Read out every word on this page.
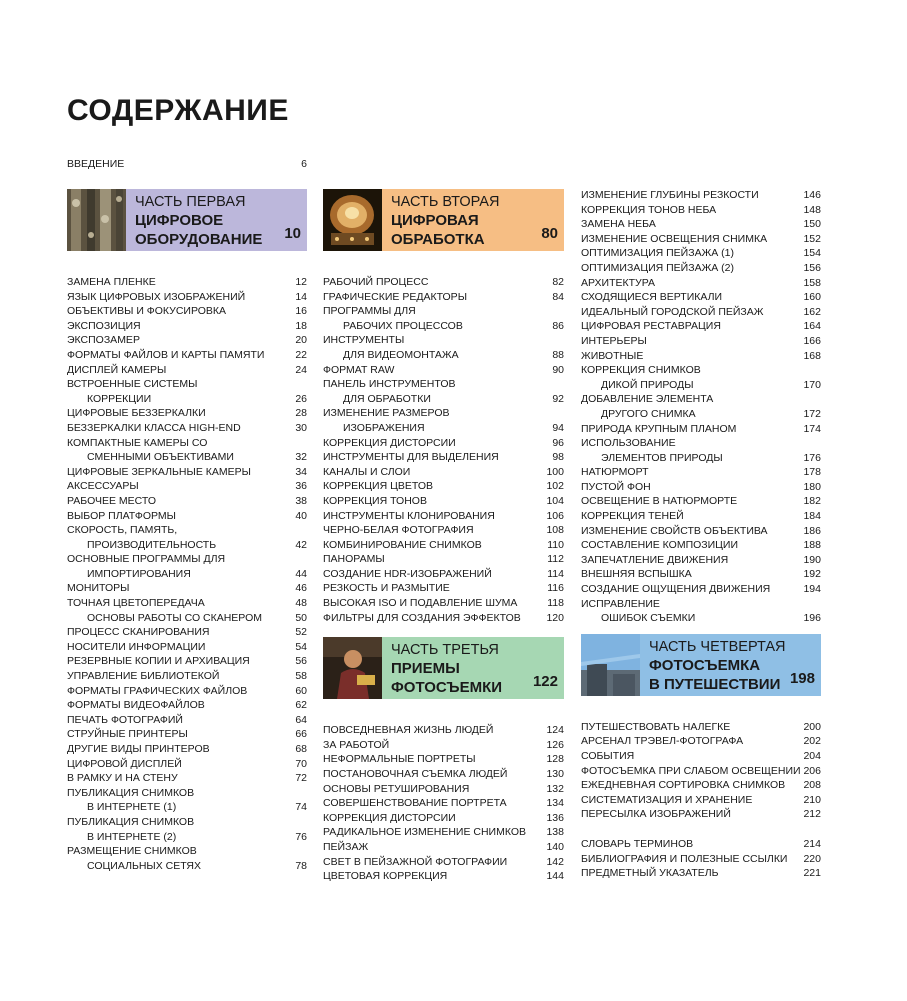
СОДЕРЖАНИЕ
ВВЕДЕНИЕ	6
ЧАСТЬ ПЕРВАЯ
ЦИФРОВОЕ
ОБОРУДОВАНИЕ	10
ЗАМЕНА ПЛЕНКЕ	12
ЯЗЫК ЦИФРОВЫХ ИЗОБРАЖЕНИЙ	14
ОБЪЕКТИВЫ И ФОКУСИРОВКА	16
ЭКСПОЗИЦИЯ	18
ЭКСПОЗАМЕР	20
ФОРМАТЫ ФАЙЛОВ И КАРТЫ ПАМЯТИ	22
ДИСПЛЕЙ КАМЕРЫ	24
ВСТРОЕННЫЕ СИСТЕМЫ
КОРРЕКЦИИ	26
ЦИФРОВЫЕ БЕЗЗЕРКАЛКИ	28
БЕЗЗЕРКАЛКИ КЛАССА HIGH-END	30
КОМПАКТНЫЕ КАМЕРЫ СО
СМЕННЫМИ ОБЪЕКТИВАМИ	32
ЦИФРОВЫЕ ЗЕРКАЛЬНЫЕ КАМЕРЫ	34
АКСЕССУАРЫ	36
РАБОЧЕЕ МЕСТО	38
ВЫБОР ПЛАТФОРМЫ	40
СКОРОСТЬ, ПАМЯТЬ,
ПРОИЗВОДИТЕЛЬНОСТЬ	42
ОСНОВНЫЕ ПРОГРАММЫ ДЛЯ
ИМПОРТИРОВАНИЯ	44
МОНИТОРЫ	46
ТОЧНАЯ ЦВЕТОПЕРЕДАЧА	48
ОСНОВЫ РАБОТЫ СО СКАНЕРОМ	50
ПРОЦЕСС СКАНИРОВАНИЯ	52
НОСИТЕЛИ ИНФОРМАЦИИ	54
РЕЗЕРВНЫЕ КОПИИ И АРХИВАЦИЯ	56
УПРАВЛЕНИЕ БИБЛИОТЕКОЙ	58
ФОРМАТЫ ГРАФИЧЕСКИХ ФАЙЛОВ	60
ФОРМАТЫ ВИДЕОФАЙЛОВ	62
ПЕЧАТЬ ФОТОГРАФИЙ	64
СТРУЙНЫЕ ПРИНТЕРЫ	66
ДРУГИЕ ВИДЫ ПРИНТЕРОВ	68
ЦИФРОВОЙ ДИСПЛЕЙ	70
В РАМКУ И НА СТЕНУ	72
ПУБЛИКАЦИЯ СНИМКОВ
В ИНТЕРНЕТЕ (1)	74
ПУБЛИКАЦИЯ СНИМКОВ
В ИНТЕРНЕТЕ (2)	76
РАЗМЕЩЕНИЕ СНИМКОВ
СОЦИАЛЬНЫХ СЕТЯХ	78
ЧАСТЬ ВТОРАЯ
ЦИФРОВАЯ
ОБРАБОТКА	80
РАБОЧИЙ ПРОЦЕСС	82
ГРАФИЧЕСКИЕ РЕДАКТОРЫ	84
ПРОГРАММЫ ДЛЯ
РАБОЧИХ ПРОЦЕССОВ	86
ИНСТРУМЕНТЫ
ДЛЯ ВИДЕОМОНТАЖА	88
ФОРМАТ RAW	90
ПАНЕЛЬ ИНСТРУМЕНТОВ
ДЛЯ ОБРАБОТКИ	92
ИЗМЕНЕНИЕ РАЗМЕРОВ
ИЗОБРАЖЕНИЯ	94
КОРРЕКЦИЯ ДИСТОРСИИ	96
ИНСТРУМЕНТЫ ДЛЯ ВЫДЕЛЕНИЯ	98
КАНАЛЫ И СЛОИ	100
КОРРЕКЦИЯ ЦВЕТОВ	102
КОРРЕКЦИЯ ТОНОВ	104
ИНСТРУМЕНТЫ КЛОНИРОВАНИЯ	106
ЧЕРНО-БЕЛАЯ ФОТОГРАФИЯ	108
КОМБИНИРОВАНИЕ СНИМКОВ	110
ПАНОРАМЫ	112
СОЗДАНИЕ HDR-ИЗОБРАЖЕНИЙ	114
РЕЗКОСТЬ И РАЗМЫТИЕ	116
ВЫСОКАЯ ISO И ПОДАВЛЕНИЕ ШУМА	118
ФИЛЬТРЫ ДЛЯ СОЗДАНИЯ ЭФФЕКТОВ 120
ЧАСТЬ ТРЕТЬЯ
ПРИЕМЫ
ФОТОСЪЕМКИ	122
ПОВСЕДНЕВНАЯ ЖИЗНЬ ЛЮДЕЙ	124
ЗА РАБОТОЙ	126
НЕФОРМАЛЬНЫЕ ПОРТРЕТЫ	128
ПОСТАНОВОЧНАЯ СЪЕМКА ЛЮДЕЙ	130
ОСНОВЫ РЕТУШИРОВАНИЯ	132
СОВЕРШЕНСТВОВАНИЕ ПОРТРЕТА	134
КОРРЕКЦИЯ ДИСТОРСИИ	136
РАДИКАЛЬНОЕ ИЗМЕНЕНИЕ СНИМКОВ 138
ПЕЙЗАЖ	140
СВЕТ В ПЕЙЗАЖНОЙ ФОТОГРАФИИ	142
ЦВЕТОВАЯ КОРРЕКЦИЯ	144
ИЗМЕНЕНИЕ ГЛУБИНЫ РЕЗКОСТИ	146
КОРРЕКЦИЯ ТОНОВ НЕБА	148
ЗАМЕНА НЕБА	150
ИЗМЕНЕНИЕ ОСВЕЩЕНИЯ СНИМКА	152
ОПТИМИЗАЦИЯ ПЕЙЗАЖА (1)	154
ОПТИМИЗАЦИЯ ПЕЙЗАЖА (2)	156
АРХИТЕКТУРА	158
СХОДЯЩИЕСЯ ВЕРТИКАЛИ	160
ИДЕАЛЬНЫЙ ГОРОДСКОЙ ПЕЙЗАЖ	162
ЦИФРОВАЯ РЕСТАВРАЦИЯ	164
ИНТЕРЬЕРЫ	166
ЖИВОТНЫЕ	168
КОРРЕКЦИЯ СНИМКОВ
ДИКОЙ ПРИРОДЫ	170
ДОБАВЛЕНИЕ ЭЛЕМЕНТА
ДРУГОГО СНИМКА	172
ПРИРОДА КРУПНЫМ ПЛАНОМ	174
ИСПОЛЬЗОВАНИЕ
ЭЛЕМЕНТОВ ПРИРОДЫ	176
НАТЮРМОРТ	178
ПУСТОЙ ФОН	180
ОСВЕЩЕНИЕ В НАТЮРМОРТЕ	182
КОРРЕКЦИЯ ТЕНЕЙ	184
ИЗМЕНЕНИЕ СВОЙСТВ ОБЪЕКТИВА	186
СОСТАВЛЕНИЕ КОМПОЗИЦИИ	188
ЗАПЕЧАТЛЕНИЕ ДВИЖЕНИЯ	190
ВНЕШНЯЯ ВСПЫШКА	192
СОЗДАНИЕ ОЩУЩЕНИЯ ДВИЖЕНИЯ	194
ИСПРАВЛЕНИЕ
ОШИБОК СЪЕМКИ	196
ЧАСТЬ ЧЕТВЕРТАЯ
ФОТОСЪЕМКА
В ПУТЕШЕСТВИИ 198
ПУТЕШЕСТВОВАТЬ НАЛЕГКЕ	200
АРСЕНАЛ ТРЭВЕЛ-ФОТОГРАФА	202
СОБЫТИЯ	204
ФОТОСЪЕМКА ПРИ СЛАБОМ ОСВЕЩЕНИИ 206
ЕЖЕДНЕВНАЯ СОРТИРОВКА СНИМКОВ 208
СИСТЕМАТИЗАЦИЯ И ХРАНЕНИЕ	210
ПЕРЕСЫЛКА ИЗОБРАЖЕНИЙ	212
СЛОВАРЬ ТЕРМИНОВ	214
БИБЛИОГРАФИЯ И ПОЛЕЗНЫЕ ССЫЛКИ 220
ПРЕДМЕТНЫЙ УКАЗАТЕЛЬ	221
